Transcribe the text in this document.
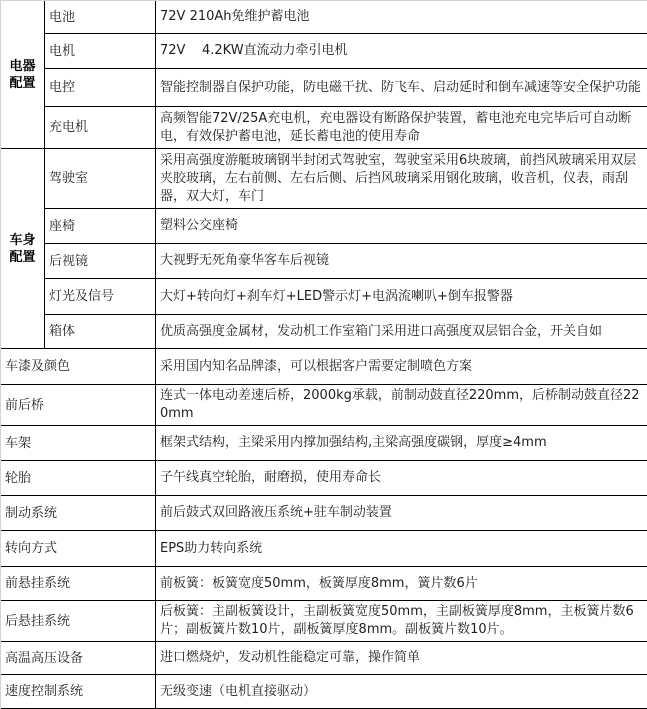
电器配置	电池	72V 210Ah免维护蓄电池
	电机	72V    4.2KW直流动力牵引电机
	电控	智能控制器自保护功能，防电磁干扰、防飞车、启动延时和倒车减速等安全保护功能
	充电机	高频智能72V/25A充电机，充电器设有断路保护装置，蓄电池充电完毕后可自动断电，有效保护蓄电池，延长蓄电池的使用寿命
车身配置	驾驶室	采用高强度游艇玻璃钢半封闭式驾驶室，驾驶室采用6块玻璃，前挡风玻璃采用双层夹胶玻璃，左右前侧、左右后侧、后挡风玻璃采用钢化玻璃，收音机，仪表，雨刮器，双大灯，车门
	座椅	塑料公交座椅
	后视镜	大视野无死角豪华客车后视镜
	灯光及信号	大灯+转向灯+刹车灯+LED警示灯+电涡流喇叭+倒车报警器
	箱体	优质高强度金属材，发动机工作室箱门采用进口高强度双层铝合金，开关自如
车漆及颜色		采用国内知名品牌漆，可以根据客户需要定制喷色方案
前后桥		连式一体电动差速后桥，2000kg承载，前制动鼓直径220mm，后桥制动鼓直径220mm
车架		框架式结构，主梁采用内撑加强结构,主梁高强度碳钢，厚度≥4mm
轮胎		子午线真空轮胎，耐磨损，使用寿命长
制动系统		前后鼓式双回路液压系统+驻车制动装置
转向方式		EPS助力转向系统
前悬挂系统		前板簧：板簧宽度50mm，板簧厚度8mm，簧片数6片
后悬挂系统		后板簧：主副板簧设计，主副板簧宽度50mm，主副板簧厚度8mm，主板簧片数6片；副板簧片数10片，副板簧厚度8mm。副板簧片数10片。
高温高压设备		进口燃烧炉，发动机性能稳定可靠，操作简单
速度控制系统		无级变速（电机直接驱动）
